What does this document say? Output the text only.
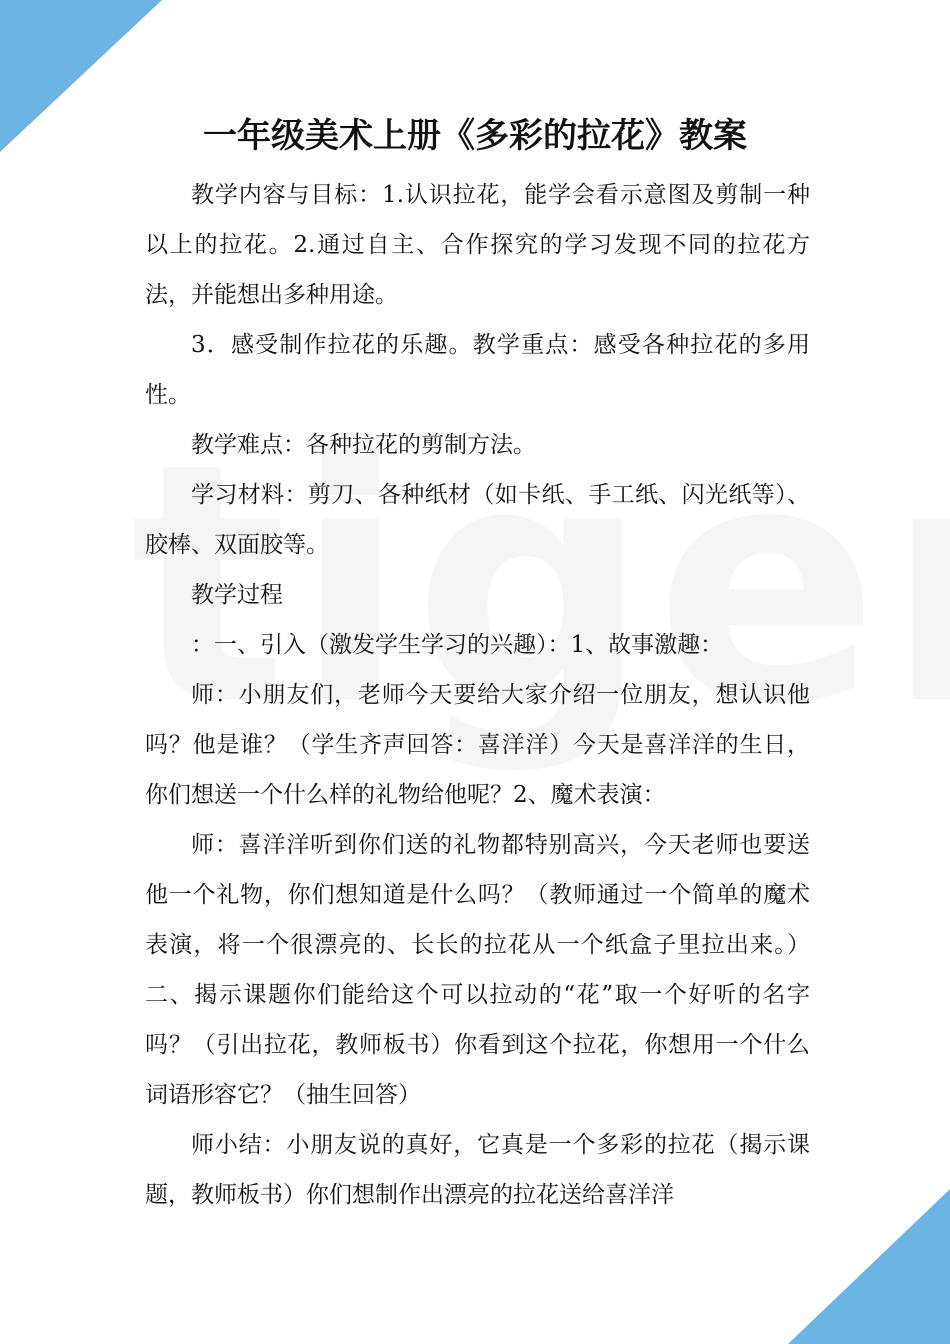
一年级美术上册《多彩的拉花》教案

教学内容与目标：1.认识拉花，能学会看示意图及剪制一种以上的拉花。2.通过自主、合作探究的学习发现不同的拉花方法，并能想出多种用途。

3．感受制作拉花的乐趣。教学重点：感受各种拉花的多用性。

教学难点：各种拉花的剪制方法。

学习材料：剪刀、各种纸材（如卡纸、手工纸、闪光纸等）、胶棒、双面胶等。

教学过程

：一、引入（激发学生学习的兴趣）：1、故事激趣：

师：小朋友们，老师今天要给大家介绍一位朋友，想认识他吗？他是谁？（学生齐声回答：喜洋洋）今天是喜洋洋的生日，你们想送一个什么样的礼物给他呢？2、魔术表演：

师：喜洋洋听到你们送的礼物都特别高兴，今天老师也要送他一个礼物，你们想知道是什么吗？（教师通过一个简单的魔术表演，将一个很漂亮的、长长的拉花从一个纸盒子里拉出来。）二、揭示课题你们能给这个可以拉动的“花”取一个好听的名字吗？（引出拉花，教师板书）你看到这个拉花，你想用一个什么词语形容它？（抽生回答）

师小结：小朋友说的真好，它真是一个多彩的拉花（揭示课题，教师板书）你们想制作出漂亮的拉花送给喜洋洋
